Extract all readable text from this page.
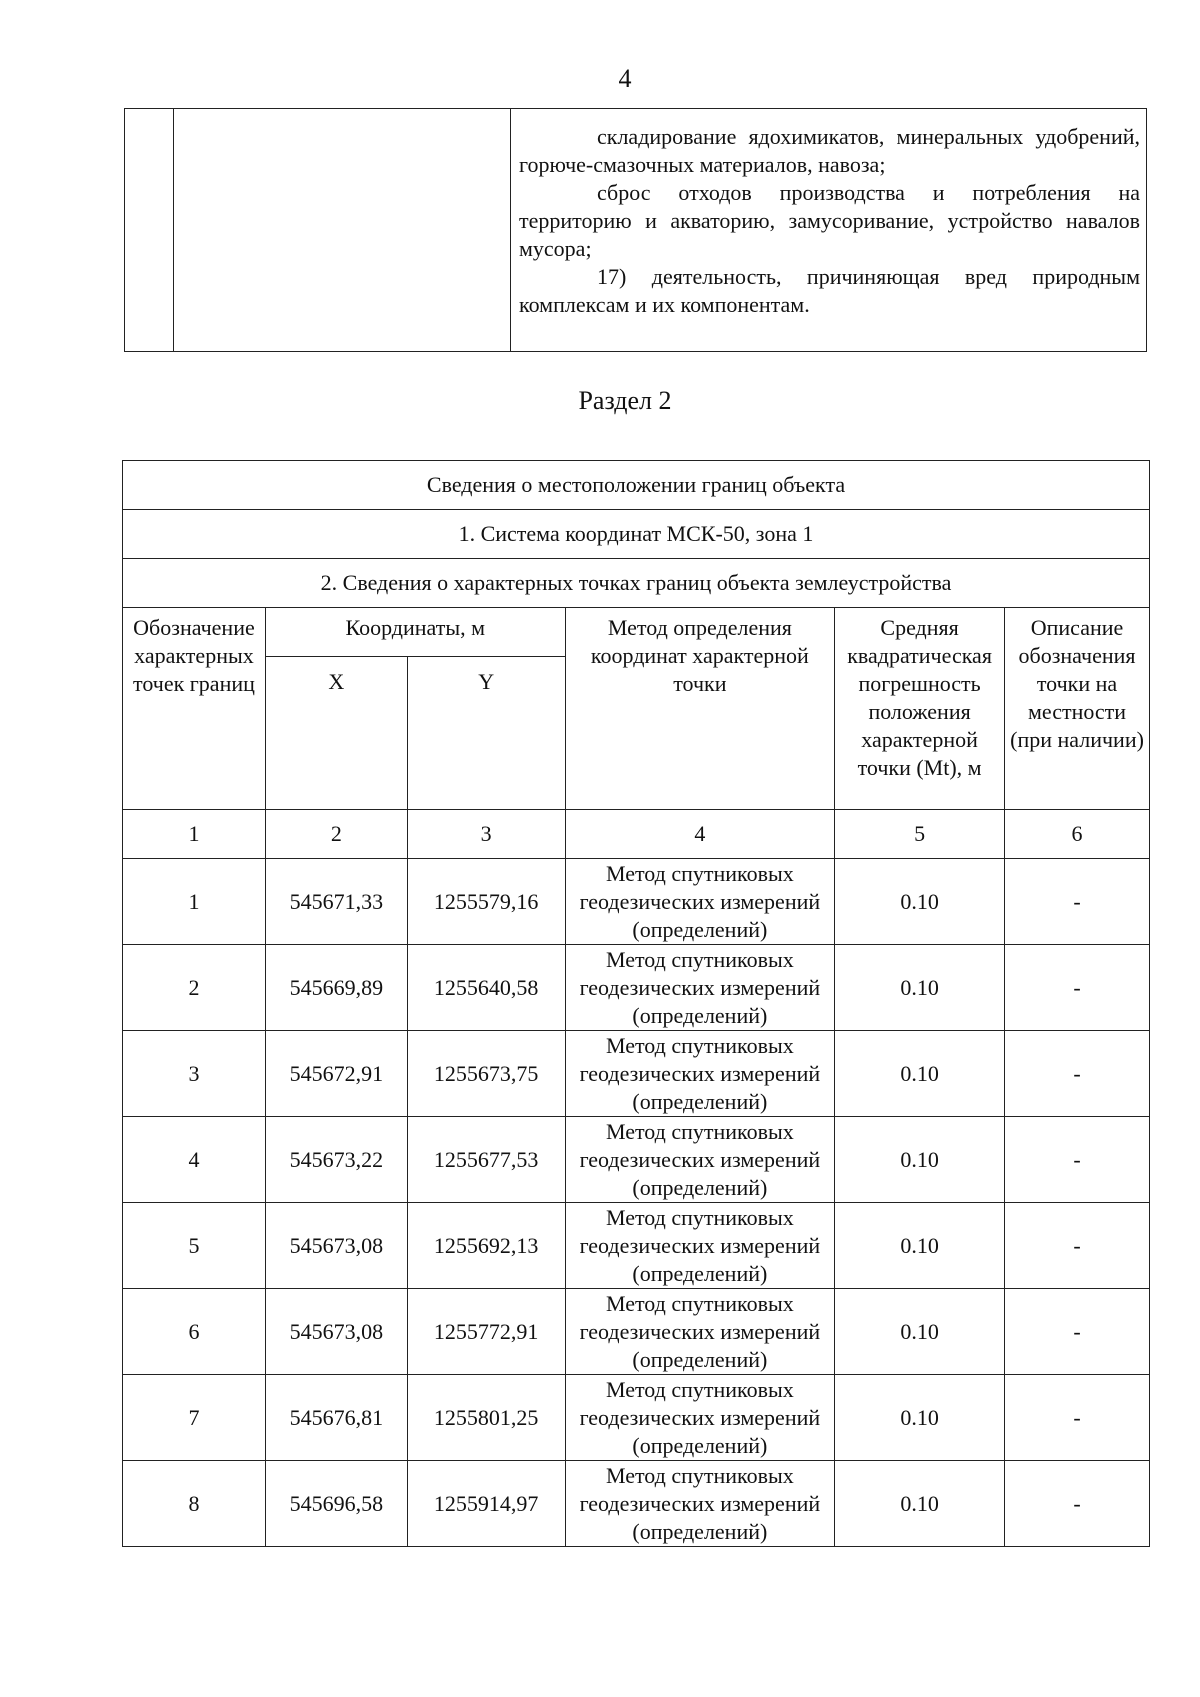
4

складирование ядохимикатов, минеральных удобрений, горюче-смазочных материалов, навоза;

сброс отходов производства и потребления на территорию и акваторию, замусоривание, устройство навалов мусора;

17) деятельность, причиняющая вред природным комплексам и их компонентам.

Раздел 2
Сведения о местоположении границ объекта					
1. Система координат МСК-50, зона 1					
2. Сведения о характерных точках границ объекта землеустройства					
Обозначение характерных точек границ	Координаты, м		Метод определения координат характерной точки	Средняя квадратическая погрешность положения характерной точки (Mt), м	Описание обозначения точки на местности (при наличии)
	X	Y			
1	2	3	4	5	6
1	545671,33	1255579,16	Метод спутниковых геодезических измерений (определений)	0.10	-
2	545669,89	1255640,58	Метод спутниковых геодезических измерений (определений)	0.10	-
3	545672,91	1255673,75	Метод спутниковых геодезических измерений (определений)	0.10	-
4	545673,22	1255677,53	Метод спутниковых геодезических измерений (определений)	0.10	-
5	545673,08	1255692,13	Метод спутниковых геодезических измерений (определений)	0.10	-
6	545673,08	1255772,91	Метод спутниковых геодезических измерений (определений)	0.10	-
7	545676,81	1255801,25	Метод спутниковых геодезических измерений (определений)	0.10	-
8	545696,58	1255914,97	Метод спутниковых геодезических измерений (определений)	0.10	-
